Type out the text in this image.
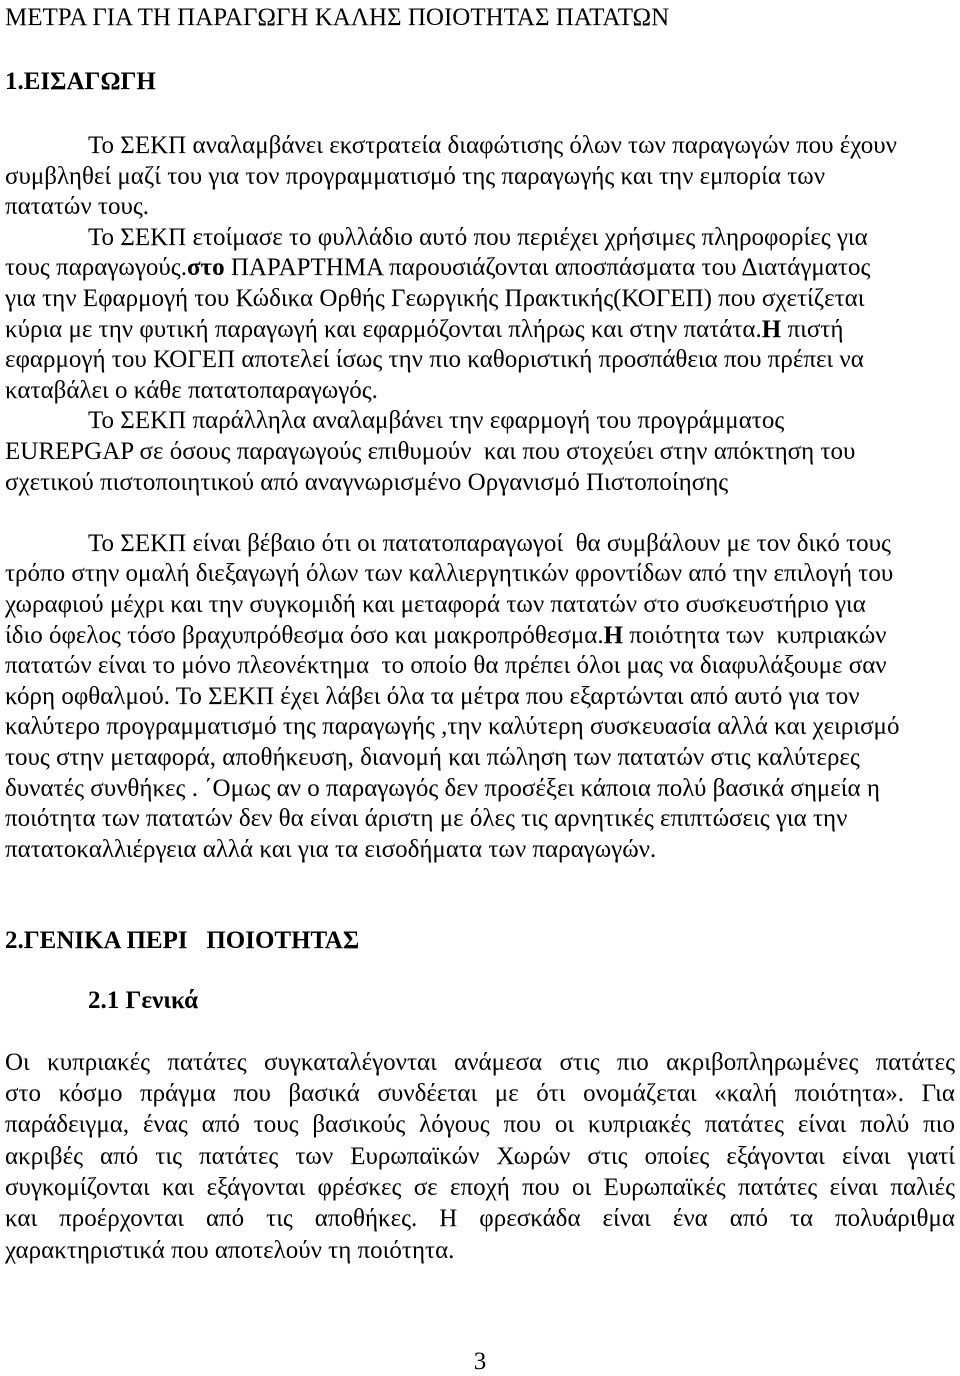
ΜΕΤΡΑ ΓΙΑ ΤΗ ΠΑΡΑΓΩΓΗ ΚΑΛΗΣ ΠΟΙΟΤΗΤΑΣ ΠΑΤΑΤΩΝ
1.ΕΙΣΑΓΩΓΗ
Το ΣΕΚΠ αναλαμβάνει εκστρατεία διαφώτισης όλων των παραγωγών που έχουν
συμβληθεί μαζί του για τον προγραμματισμό της παραγωγής και την εμπορία των
πατατών τους.
Το ΣΕΚΠ ετοίμασε το φυλλάδιο αυτό που περιέχει χρήσιμες πληροφορίες για
τους παραγωγούς.στο ΠΑΡΑΡΤΗΜΑ παρουσιάζονται αποσπάσματα του Διατάγματος
για την Εφαρμογή του Κώδικα Ορθής Γεωργικής Πρακτικής(ΚΟΓΕΠ) που σχετίζεται
κύρια με την φυτική παραγωγή και εφαρμόζονται πλήρως και στην πατάτα.Η πιστή
εφαρμογή του ΚΟΓΕΠ αποτελεί ίσως την πιο καθοριστική προσπάθεια που πρέπει να
καταβάλει ο κάθε πατατοπαραγωγός.
Το ΣΕΚΠ παράλληλα αναλαμβάνει την εφαρμογή του προγράμματος
EUREPGAP σε όσους παραγωγούς επιθυμούν  και που στοχεύει στην απόκτηση του
σχετικού πιστοποιητικού από αναγνωρισμένο Οργανισμό Πιστοποίησης
Το ΣΕΚΠ είναι βέβαιο ότι οι πατατοπαραγωγοί  θα συμβάλουν με τον δικό τους
τρόπο στην ομαλή διεξαγωγή όλων των καλλιεργητικών φροντίδων από την επιλογή του
χωραφιού μέχρι και την συγκομιδή και μεταφορά των πατατών στο συσκευστήριο για
ίδιο όφελος τόσο βραχυπρόθεσμα όσο και μακροπρόθεσμα.Η ποιότητα των  κυπριακών
πατατών είναι το μόνο πλεονέκτημα  το οποίο θα πρέπει όλοι μας να διαφυλάξουμε σαν
κόρη οφθαλμού. Το ΣΕΚΠ έχει λάβει όλα τα μέτρα που εξαρτώνται από αυτό για τον
καλύτερο προγραμματισμό της παραγωγής ,την καλύτερη συσκευασία αλλά και χειρισμό
τους στην μεταφορά, αποθήκευση, διανομή και πώληση των πατατών στις καλύτερες
δυνατές συνθήκες . ΄Ομως αν ο παραγωγός δεν προσέξει κάποια πολύ βασικά σημεία η
ποιότητα των πατατών δεν θα είναι άριστη με όλες τις αρνητικές επιπτώσεις για την
πατατοκαλλιέργεια αλλά και για τα εισοδήματα των παραγωγών.
2.ΓΕΝΙΚΑ ΠΕΡΙ   ΠΟΙΟΤΗΤΑΣ
2.1 Γενικά
Οι κυπριακές πατάτες συγκαταλέγονται ανάμεσα στις πιο ακριβοπληρωμένες πατάτες
στο κόσμο πράγμα που βασικά συνδέεται με ότι ονομάζεται «καλή ποιότητα». Για
παράδειγμα, ένας από τους βασικούς λόγους που οι κυπριακές πατάτες είναι πολύ πιο
ακριβές από τις πατάτες των Ευρωπαϊκών Χωρών στις οποίες εξάγονται είναι γιατί
συγκομίζονται και εξάγονται φρέσκες σε εποχή που οι Ευρωπαϊκές πατάτες είναι παλιές
και προέρχονται από τις αποθήκες. Η φρεσκάδα είναι ένα από τα πολυάριθμα
χαρακτηριστικά που αποτελούν τη ποιότητα.
3
